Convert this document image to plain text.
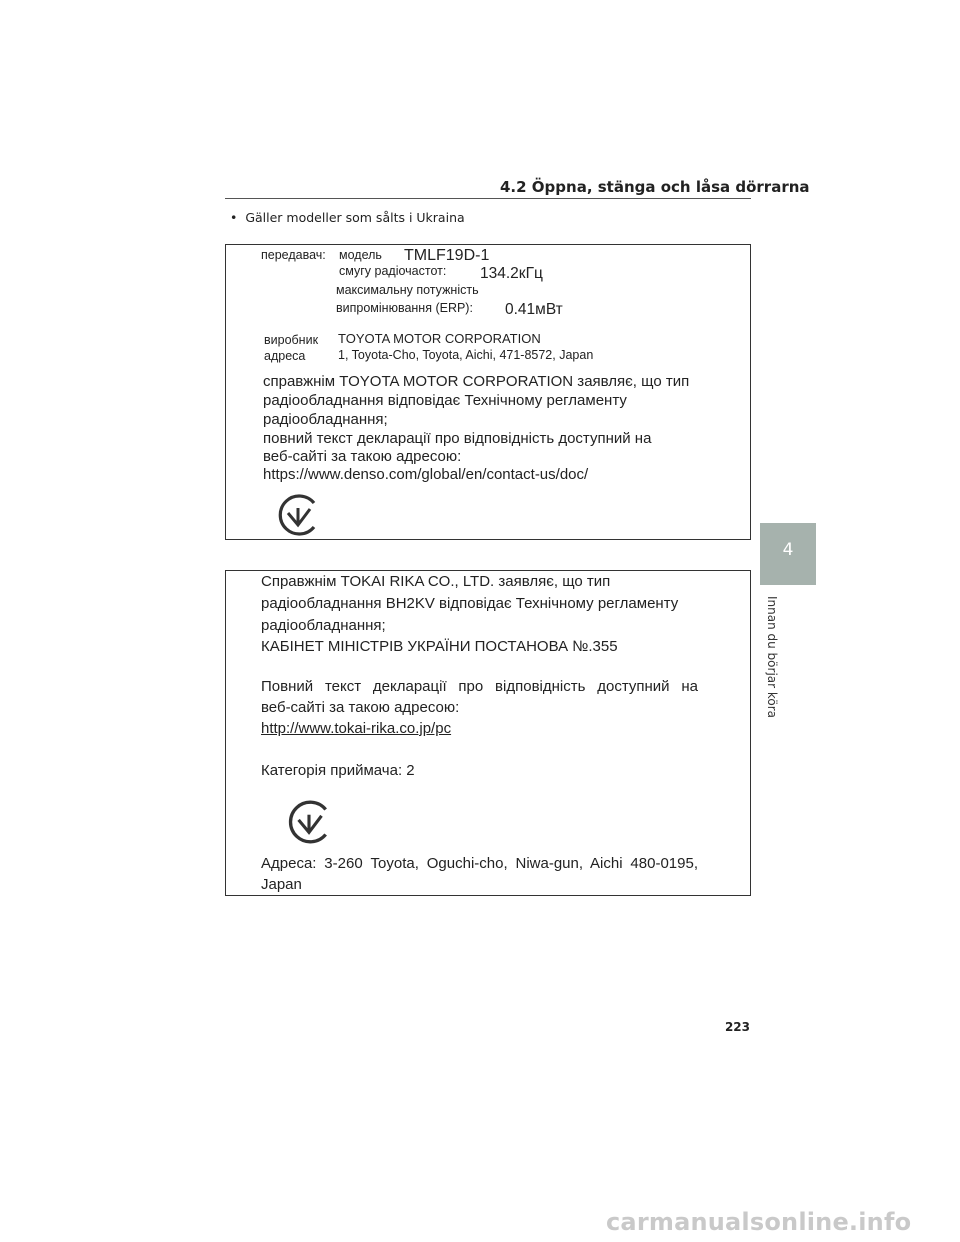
4.2 Öppna, stänga och låsa dörrarna
•  Gäller modeller som sålts i Ukraina
передавач: модель TMLF19D-1
смугу радіочастот: 134.2кГц
максимальну потужність
випромінювання (ERP): 0.41мВт
виробник TOYOTA MOTOR CORPORATION
адреса	1, Toyota-Cho, Toyota, Aichi, 471-8572, Japan
справжнім TOYOTA MOTOR CORPORATION заявляє, що тип
радіообладнання відповідає Технічному регламенту
радіообладнання;
повний текст декларації про відповідність доступний на
веб-сайті за такою адресою:
https://www.denso.com/global/en/contact-us/doc/
Справжнім TOKAI RIKA CO., LTD. заявляє, що тип
радіообладнання BH2KV відповідає Технічному регламенту
радіообладнання;
КАБІНЕТ МІНІСТРІВ УКРАЇНИ ПОСТАНОВА №.355
Повний текст декларації про відповідність доступний на
веб-сайті за такою адресою:
http://www.tokai-rika.co.jp/pc
Категорія приймача: 2
Адреса: 3-260 Toyota, Oguchi-cho, Niwa-gun, Aichi 480-0195,
Japan
4
Innan du börjar köra
223
carmanualsonline.info
